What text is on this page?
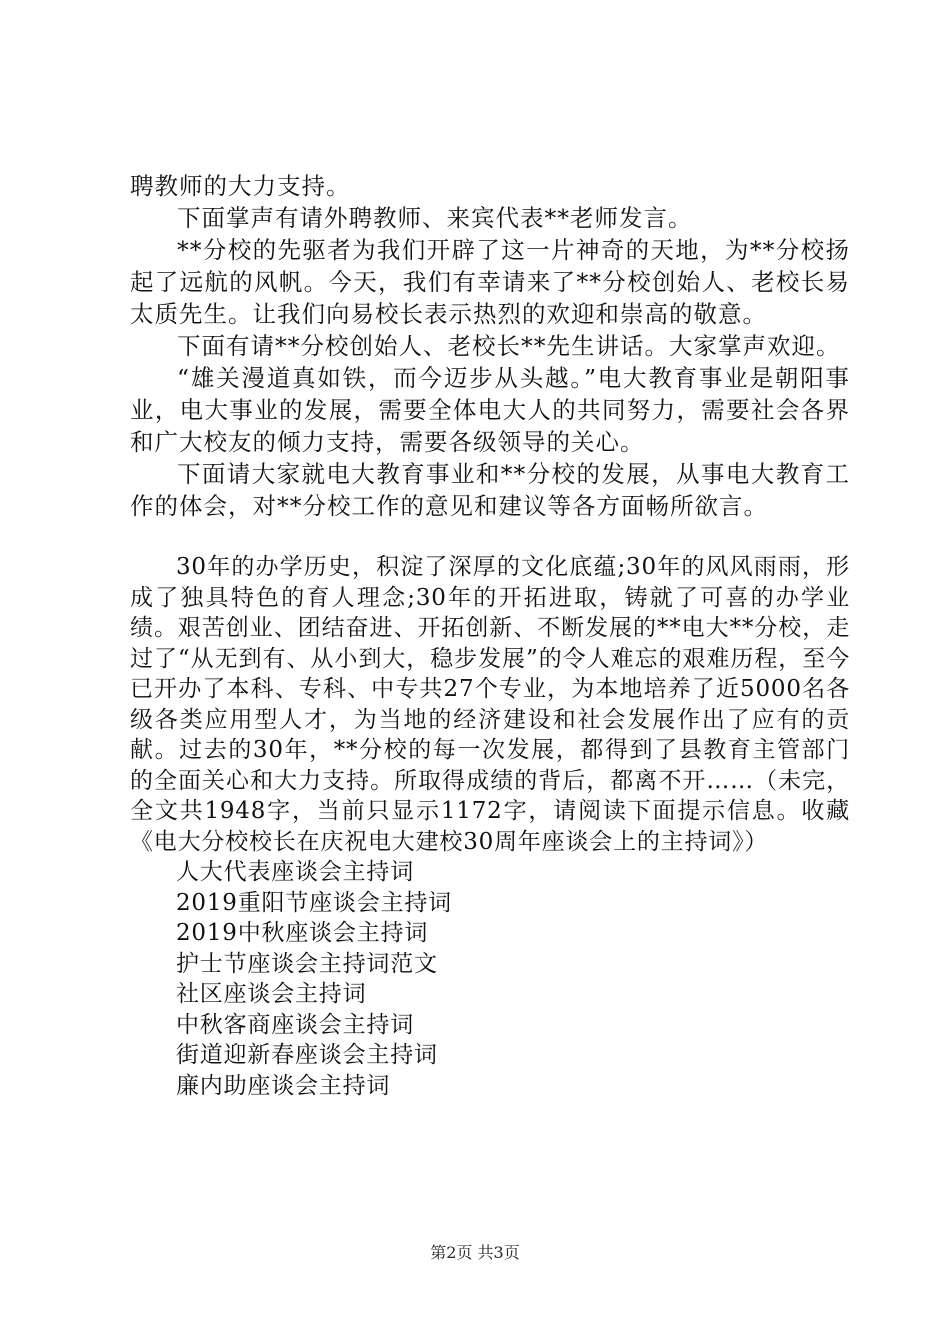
聘教师的大力支持。

下面掌声有请外聘教师、来宾代表**老师发言。

**分校的先驱者为我们开辟了这一片神奇的天地，为**分校扬起了远航的风帆。今天，我们有幸请来了**分校创始人、老校长易太质先生。让我们向易校长表示热烈的欢迎和崇高的敬意。

下面有请**分校创始人、老校长**先生讲话。大家掌声欢迎。

“雄关漫道真如铁，而今迈步从头越。”电大教育事业是朝阳事业，电大事业的发展，需要全体电大人的共同努力，需要社会各界和广大校友的倾力支持，需要各级领导的关心。

下面请大家就电大教育事业和**分校的发展，从事电大教育工作的体会，对**分校工作的意见和建议等各方面畅所欲言。

30年的办学历史，积淀了深厚的文化底蕴;30年的风风雨雨，形成了独具特色的育人理念;30年的开拓进取，铸就了可喜的办学业绩。艰苦创业、团结奋进、开拓创新、不断发展的**电大**分校，走过了“从无到有、从小到大，稳步发展”的令人难忘的艰难历程，至今已开办了本科、专科、中专共27个专业，为本地培养了近5000名各级各类应用型人才，为当地的经济建设和社会发展作出了应有的贡献。过去的30年，**分校的每一次发展，都得到了县教育主管部门的全面关心和大力支持。所取得成绩的背后，都离不开……（未完，全文共1948字，当前只显示1172字，请阅读下面提示信息。收藏《电大分校校长在庆祝电大建校30周年座谈会上的主持词》）

人大代表座谈会主持词
2019重阳节座谈会主持词
2019中秋座谈会主持词
护士节座谈会主持词范文
社区座谈会主持词
中秋客商座谈会主持词
街道迎新春座谈会主持词
廉内助座谈会主持词
第2页 共3页
